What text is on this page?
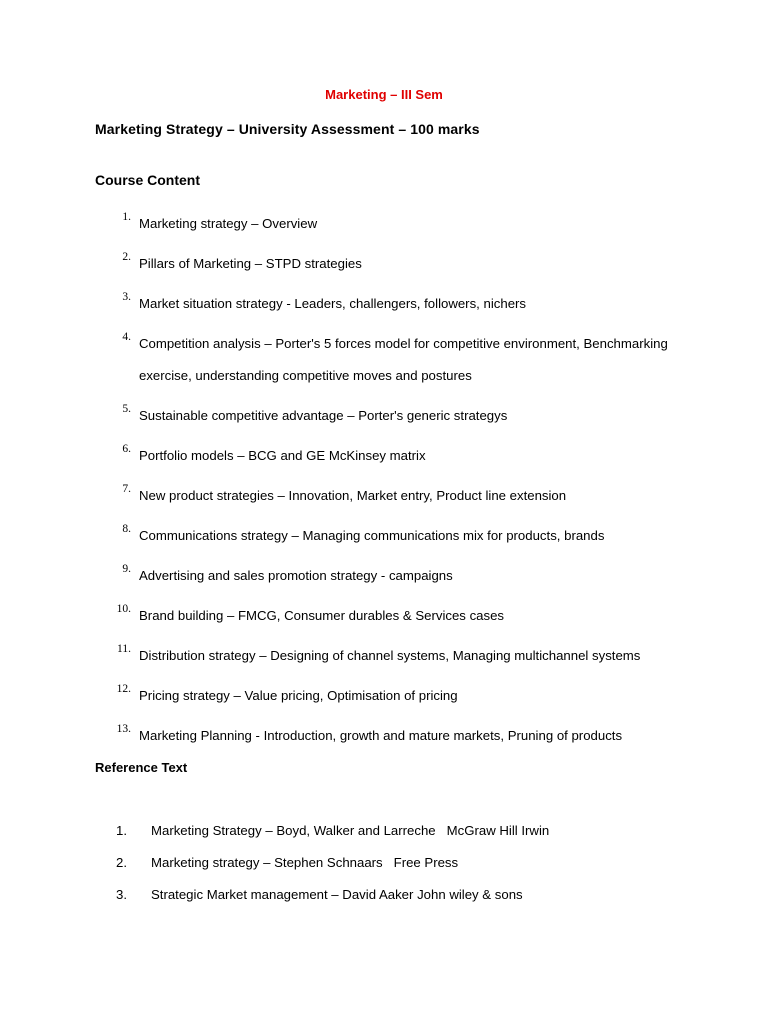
Marketing – III Sem
Marketing Strategy – University Assessment – 100 marks
Course Content
1. Marketing strategy – Overview
2. Pillars of Marketing – STPD strategies
3. Market situation strategy - Leaders, challengers, followers, nichers
4. Competition analysis – Porter's 5 forces model for competitive environment, Benchmarking exercise, understanding competitive moves and postures
5. Sustainable competitive advantage – Porter's generic strategys
6. Portfolio models – BCG and GE McKinsey matrix
7. New product strategies – Innovation, Market entry, Product line extension
8. Communications strategy – Managing communications mix for products, brands
9. Advertising and sales promotion strategy - campaigns
10. Brand building – FMCG, Consumer durables & Services cases
11. Distribution strategy – Designing of channel systems, Managing multichannel systems
12. Pricing strategy – Value pricing, Optimisation of pricing
13. Marketing Planning - Introduction, growth and mature markets, Pruning of products
Reference Text
1.	Marketing Strategy – Boyd, Walker and Larreche   McGraw Hill Irwin
2.	Marketing strategy – Stephen Schnaars   Free Press
3.	Strategic Market management – David Aaker John wiley & sons
